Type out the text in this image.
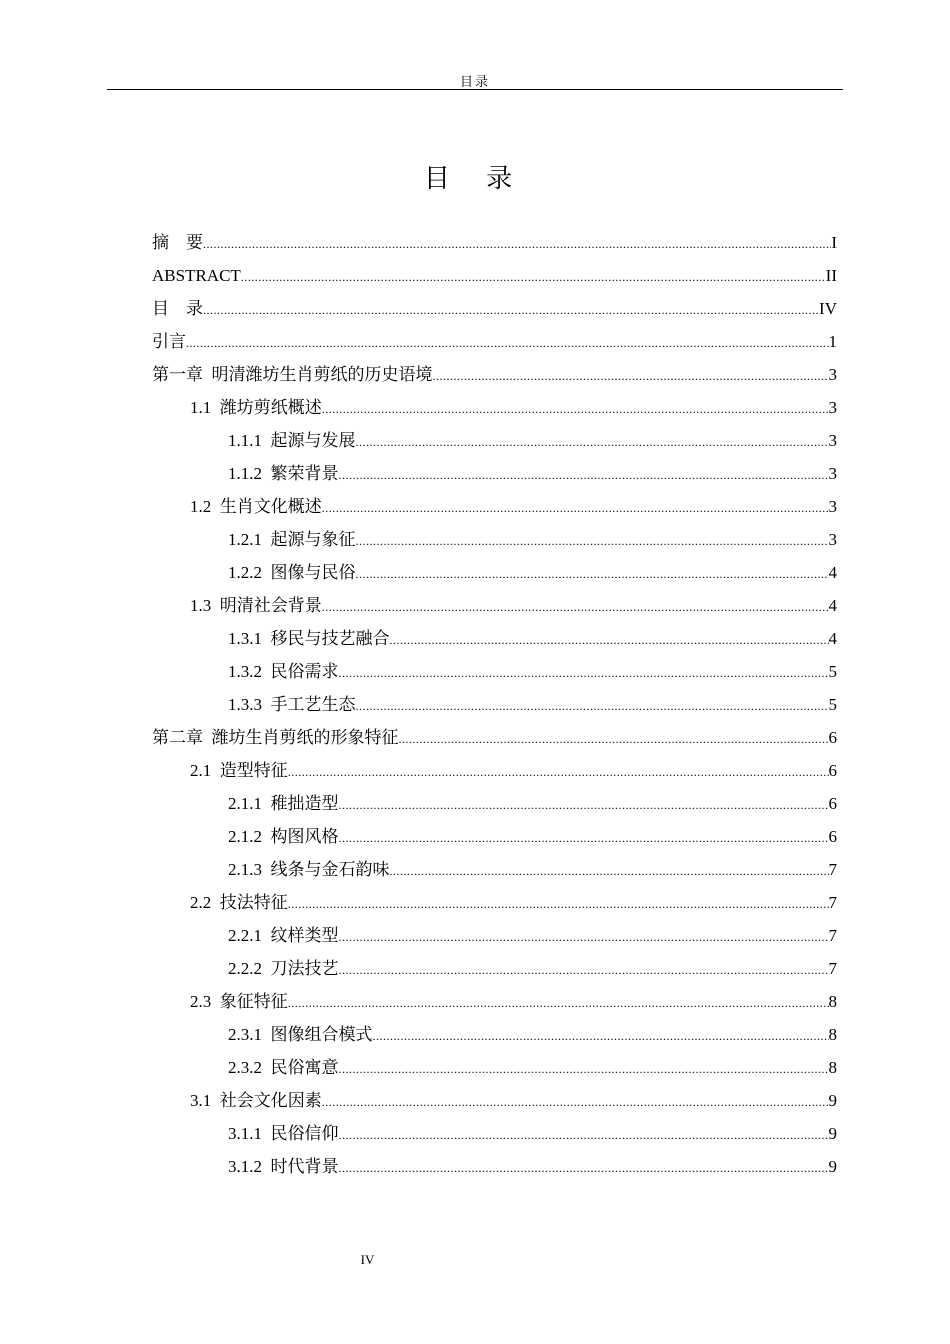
目录
目 录
摘    要 .....	I
ABSTRACT .....	II
目    录 .....	IV
引言 .....	1
第一章  明清潍坊生肖剪纸的历史语境 .....	3
1.1  潍坊剪纸概述 .....	3
1.1.1  起源与发展 .....	3
1.1.2  繁荣背景 .....	3
1.2  生肖文化概述 .....	3
1.2.1  起源与象征 .....	3
1.2.2  图像与民俗 .....	4
1.3  明清社会背景 .....	4
1.3.1  移民与技艺融合 .....	4
1.3.2  民俗需求 .....	5
1.3.3  手工艺生态 .....	5
第二章  潍坊生肖剪纸的形象特征 .....	6
2.1  造型特征 .....	6
2.1.1  稚拙造型 .....	6
2.1.2  构图风格 .....	6
2.1.3  线条与金石韵味 .....	7
2.2  技法特征 .....	7
2.2.1  纹样类型 .....	7
2.2.2  刀法技艺 .....	7
2.3  象征特征 .....	8
2.3.1  图像组合模式 .....	8
2.3.2  民俗寓意 .....	8
3.1  社会文化因素 .....	9
3.1.1  民俗信仰 .....	9
3.1.2  时代背景 .....	9
IV
